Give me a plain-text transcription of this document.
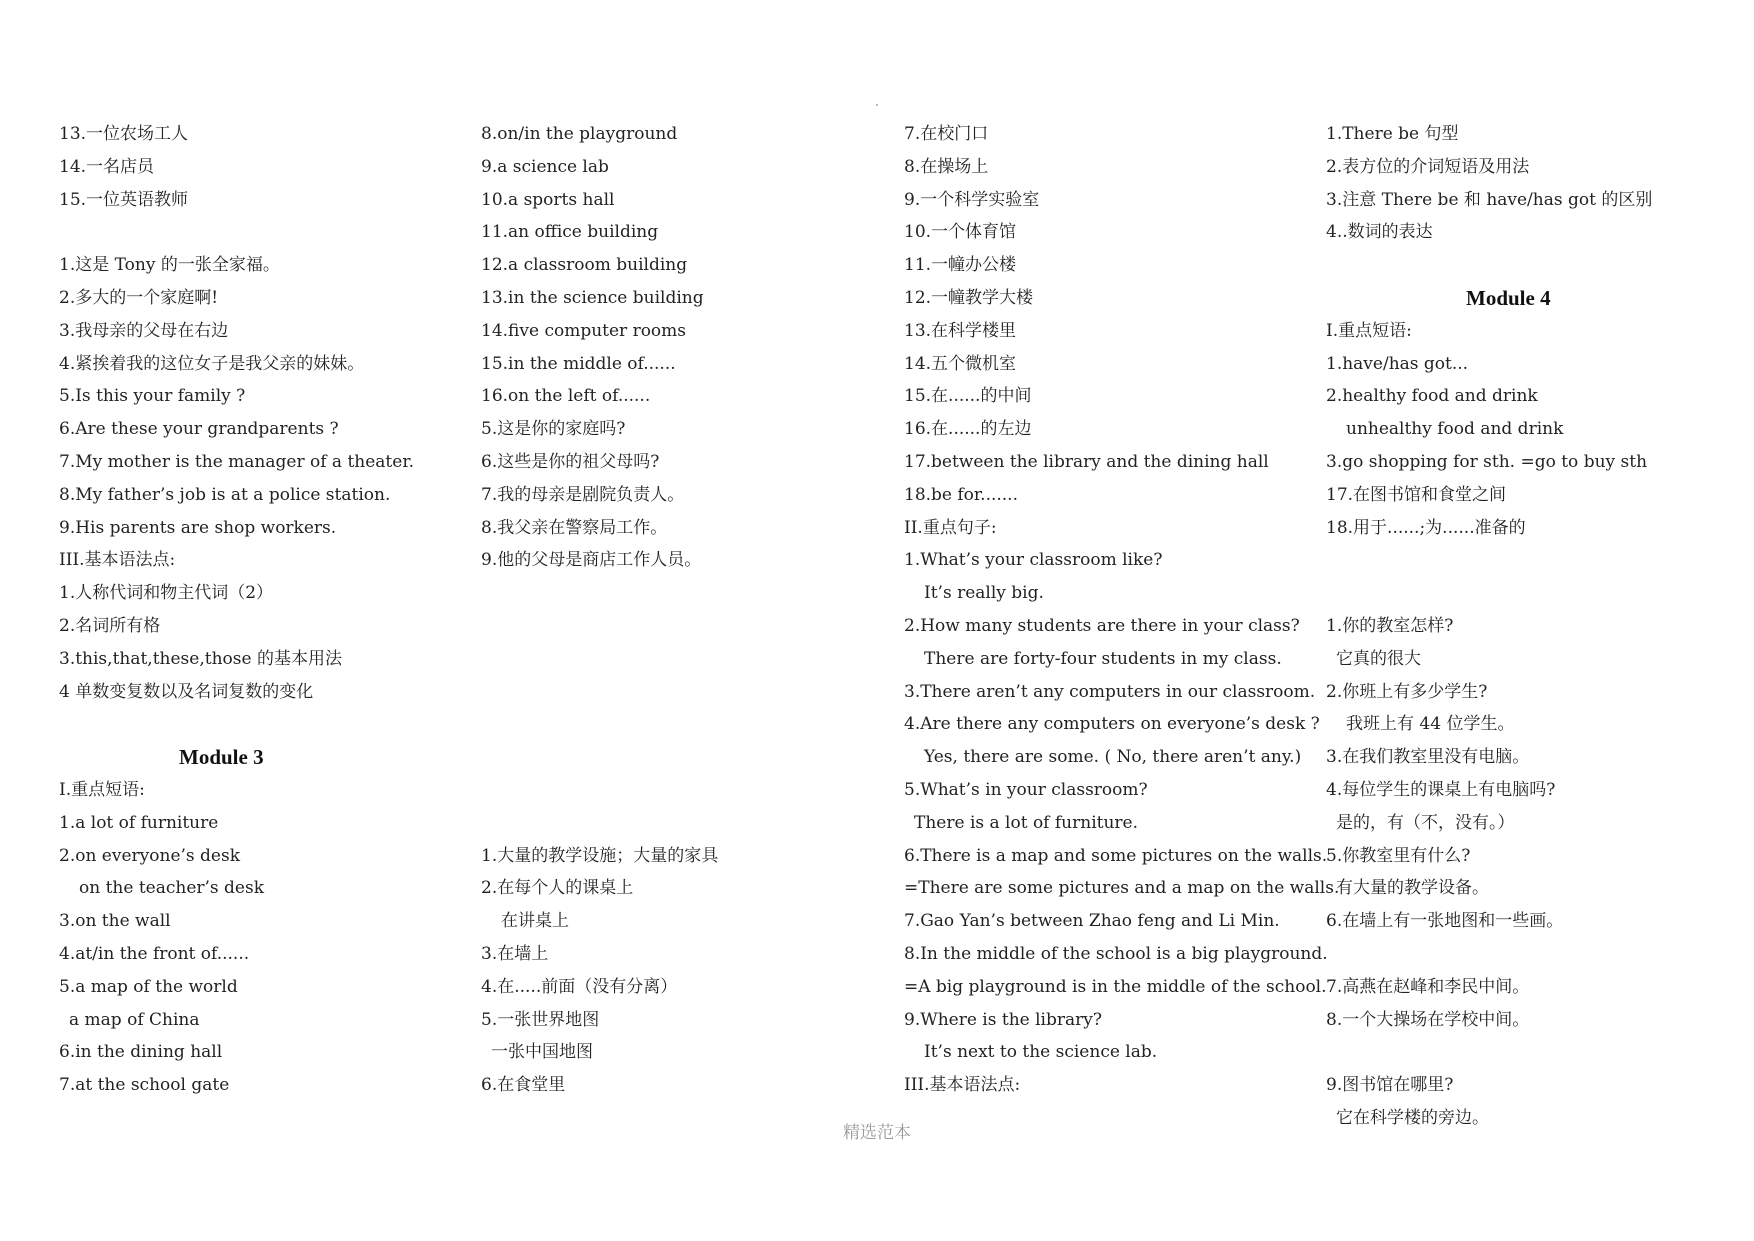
13.一位农场工人
14.一名店员
15.一位英语教师
1.这是 Tony 的一张全家福。
2.多大的一个家庭啊!
3.我母亲的父母在右边
4.紧挨着我的这位女子是我父亲的妹妹。
5.Is this your family ?
6.Are these your grandparents ?
7.My mother is the manager of a theater.
8.My father’s job is at a police station.
9.His parents are shop workers.
III.基本语法点:
1.人称代词和物主代词（2）
2.名词所有格
3.this,that,these,those 的基本用法
4 单数变复数以及名词复数的变化
Module 3
I.重点短语:
1.a lot of furniture
2.on everyone’s desk
on the teacher’s desk
3.on the wall
4.at/in the front of......
5.a map of the world
a map of China
6.in the dining hall
7.at the school gate
8.on/in the playground
9.a science lab
10.a sports hall
11.an office building
12.a classroom building
13.in the science building
14.five computer rooms
15.in the middle of......
16.on the left of......
5.这是你的家庭吗?
6.这些是你的祖父母吗?
7.我的母亲是剧院负责人。
8.我父亲在警察局工作。
9.他的父母是商店工作人员。
1.大量的教学设施；大量的家具
2.在每个人的课桌上
在讲桌上
3.在墙上
4.在.....前面（没有分离）
5.一张世界地图
一张中国地图
6.在食堂里
7.在校门口
8.在操场上
9.一个科学实验室
10.一个体育馆
11.一幢办公楼
12.一幢教学大楼
13.在科学楼里
14.五个微机室
15.在......的中间
16.在......的左边
17.between the library and the dining hall
18.be for.......
II.重点句子:
1.What’s your classroom like?
It’s really big.
2.How many students are there in your class?
There are forty-four students in my class.
3.There aren’t any computers in our classroom.
4.Are there any computers on everyone’s desk ?
Yes, there are some. ( No, there aren’t any.)
5.What’s in your classroom?
There is a lot of furniture.
6.There is a map and some pictures on the walls.
=There are some pictures and a map on the walls.
7.Gao Yan’s between Zhao feng and Li Min.
8.In the middle of the school is a big playground.
=A big playground is in the middle of the school.
9.Where is the library?
It’s next to the science lab.
III.基本语法点:
1.There be 句型
2.表方位的介词短语及用法
3.注意 There be 和 have/has got 的区别
4..数词的表达
Module 4
I.重点短语:
1.have/has got...
2.healthy food and drink
unhealthy food and drink
3.go shopping for sth. =go to buy sth
17.在图书馆和食堂之间
18.用于......;为......准备的
1.你的教室怎样?
它真的很大
2.你班上有多少学生?
我班上有 44 位学生。
3.在我们教室里没有电脑。
4.每位学生的课桌上有电脑吗?
是的，有（不，没有。）
5.你教室里有什么?
有大量的教学设备。
6.在墙上有一张地图和一些画。
7.高燕在赵峰和李民中间。
8.一个大操场在学校中间。
9.图书馆在哪里?
它在科学楼的旁边。
精选范本
